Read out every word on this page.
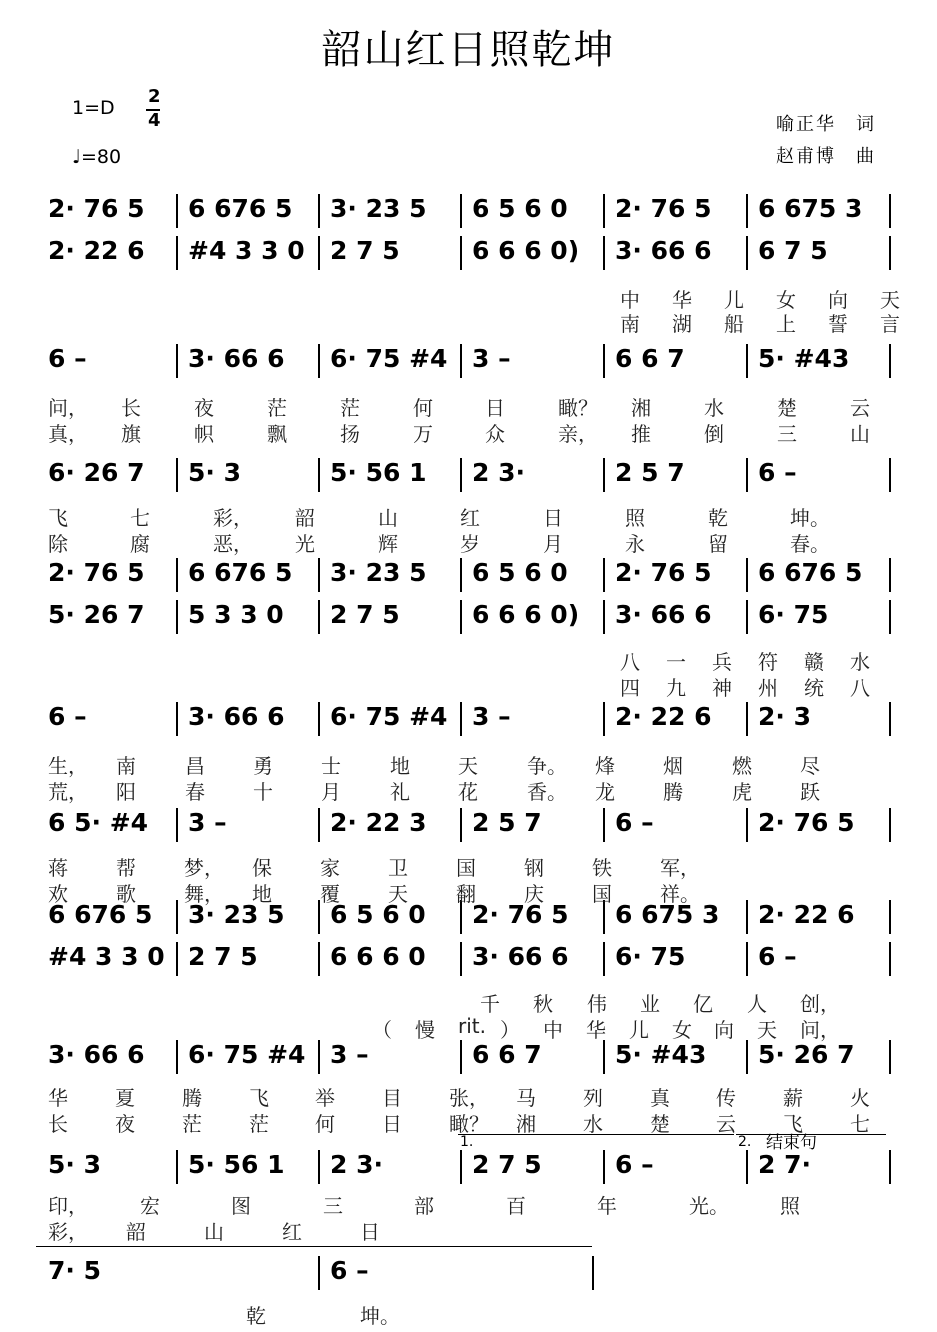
韶山红日照乾坤
1=D
2
4
♩=80
喻正华　词
赵甫博　曲
2· 76 5 6 676 5 3· 23 5 6 5 6 0 2· 76 5 6 675 3
2· 22 6 #4 3 3 0 2 7 5	6 6 6 0) 3· 66 6 6 7 5
6 –	3· 66 6 6· 75 #4 3 –	6 6 7	5· #43
6· 26 7 5· 3	5· 56 1 2 3·	2 5 7	6 –
2· 76 5 6 676 5 3· 23 5 6 5 6 0 2· 76 5 6 676 5
5· 26 7 5 3 3 0 2 7 5	6 6 6 0) 3· 66 6 6· 75
6 –	3· 66 6 6· 75 #4 3 –	2· 22 6 2· 3
6 5· #4 3 –	2· 22 3 2 5 7	6 –	2· 76 5
6 676 5 3· 23 5 6 5 6 0 2· 76 5 6 675 3 2· 22 6
#4 3 3 0 2 7 5	6 6 6 0 3· 66 6 6· 75	6 –
3· 66 6 6· 75 #4 3 –	6 6 7	5· #43 5· 26 7
5· 3	5· 56 1 2 3·	2 7 5	6 –	2 7·
7· 5	6 –
中 华 儿 女 向 天
南 湖 船 上 誓 言
问， 长	夜	茫	茫	何	日	瞰？ 湘	水	楚	云
真， 旗	帜	飘	扬	万	众	亲， 推	倒	三	山
飞	七	彩， 韶	山	红	日	照	乾	坤。
除	腐	恶， 光	辉	岁	月	永	留	春。
八 一 兵 符 赣 水
四 九 神 州 统 八
生， 南 昌 勇 士 地 天 争。 烽 烟 燃 尽
荒， 阳 春 十 月 礼 花 香。 龙 腾 虎 跃
蒋 帮 梦， 保 家 卫 国 钢 铁 军，
欢 歌 舞， 地 覆 天 翻 庆 国 祥。
千 秋 伟 业 亿 人 创，
（ 慢 rit. ） 中 华 儿 女 向 天 问，
华 夏 腾 飞 举 目 张， 马 列 真 传 薪 火
长 夜 茫 茫 何 日 瞰？ 湘 水 楚 云 飞 七
印，	宏	图	三	部	百	年	光。	照
彩， 韶	山	红	日
乾	坤。
结束句
1.	2.
